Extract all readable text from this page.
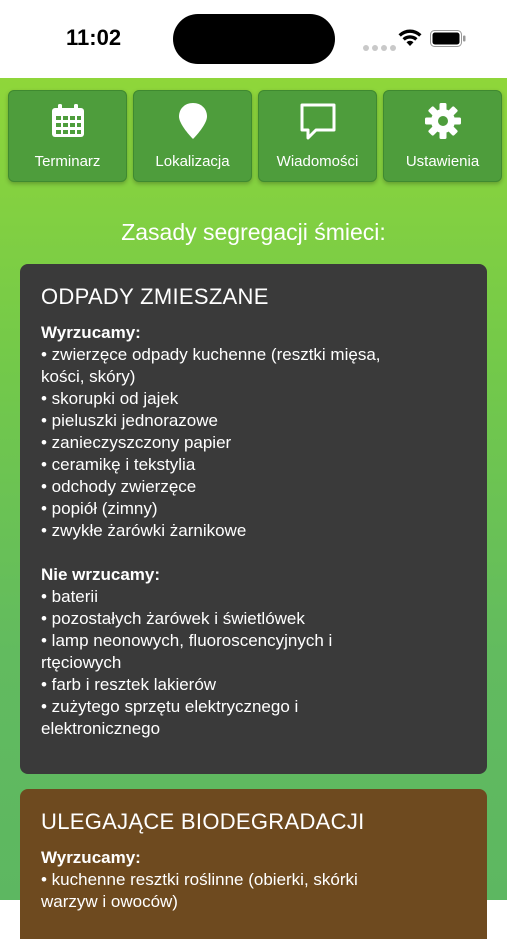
11:02
Terminarz	Lokalizacja	Wiadomości	Ustawienia
Zasady segregacji śmieci:
ODPADY ZMIESZANE
Wyrzucamy:
• zwierzęce odpady kuchenne (resztki mięsa,
kości, skóry)
• skorupki od jajek
• pieluszki jednorazowe
• zanieczyszczony papier
• ceramikę i tekstylia
• odchody zwierzęce
• popiół (zimny)
• zwykłe żarówki żarnikowe
Nie wrzucamy:
• baterii
• pozostałych żarówek i świetlówek
• lamp neonowych, fluoroscencyjnych i
rtęciowych
• farb i resztek lakierów
• zużytego sprzętu elektrycznego i
elektronicznego
ULEGAJĄCE BIODEGRADACJI
Wyrzucamy:
• kuchenne resztki roślinne (obierki, skórki
warzyw i owoców)
